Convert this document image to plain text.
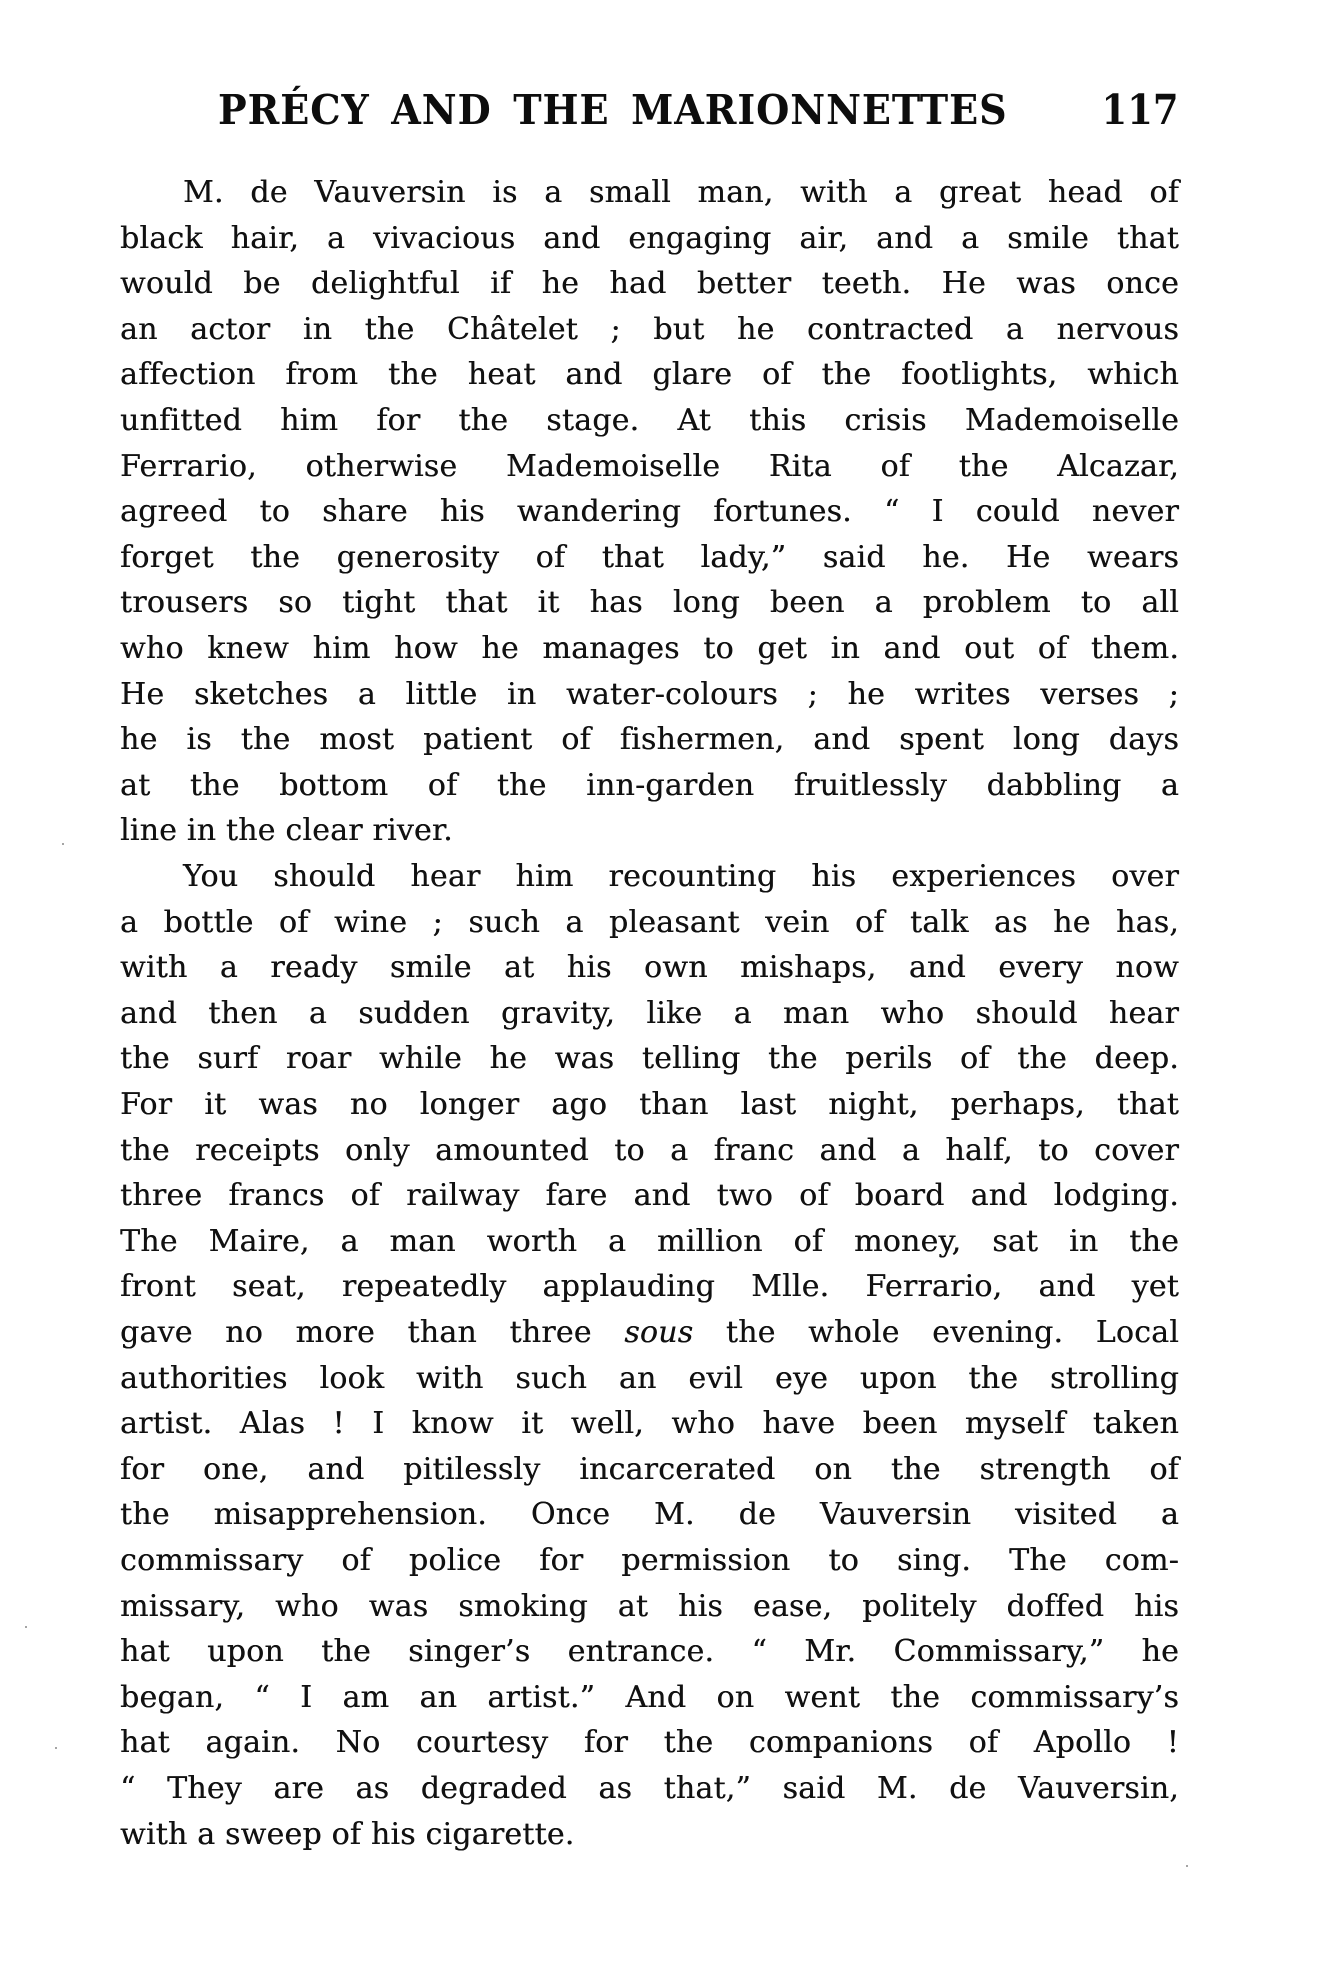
PRÉCY AND THE MARIONNETTES 117
M. de Vauversin is a small man, with a great head of
black hair, a vivacious and engaging air, and a smile that
would be delightful if he had better teeth. He was once
an actor in the Châtelet ; but he contracted a nervous
affection from the heat and glare of the footlights, which
unfitted him for the stage. At this crisis Mademoiselle
Ferrario, otherwise Mademoiselle Rita of the Alcazar,
agreed to share his wandering fortunes. “ I could never
forget the generosity of that lady,” said he. He wears
trousers so tight that it has long been a problem to all
who knew him how he manages to get in and out of them.
He sketches a little in water-colours ; he writes verses ;
he is the most patient of fishermen, and spent long days
at the bottom of the inn-garden fruitlessly dabbling a
line in the clear river.
You should hear him recounting his experiences over
a bottle of wine ; such a pleasant vein of talk as he has,
with a ready smile at his own mishaps, and every now
and then a sudden gravity, like a man who should hear
the surf roar while he was telling the perils of the deep.
For it was no longer ago than last night, perhaps, that
the receipts only amounted to a franc and a half, to cover
three francs of railway fare and two of board and lodging.
The Maire, a man worth a million of money, sat in the
front seat, repeatedly applauding Mlle. Ferrario, and yet
gave no more than three sous the whole evening. Local
authorities look with such an evil eye upon the strolling
artist. Alas ! I know it well, who have been myself taken
for one, and pitilessly incarcerated on the strength of
the misapprehension. Once M. de Vauversin visited a
commissary of police for permission to sing. The com-
missary, who was smoking at his ease, politely doffed his
hat upon the singer’s entrance. “ Mr. Commissary,” he
began, “ I am an artist.” And on went the commissary’s
hat again. No courtesy for the companions of Apollo !
“ They are as degraded as that,” said M. de Vauversin,
with a sweep of his cigarette.
